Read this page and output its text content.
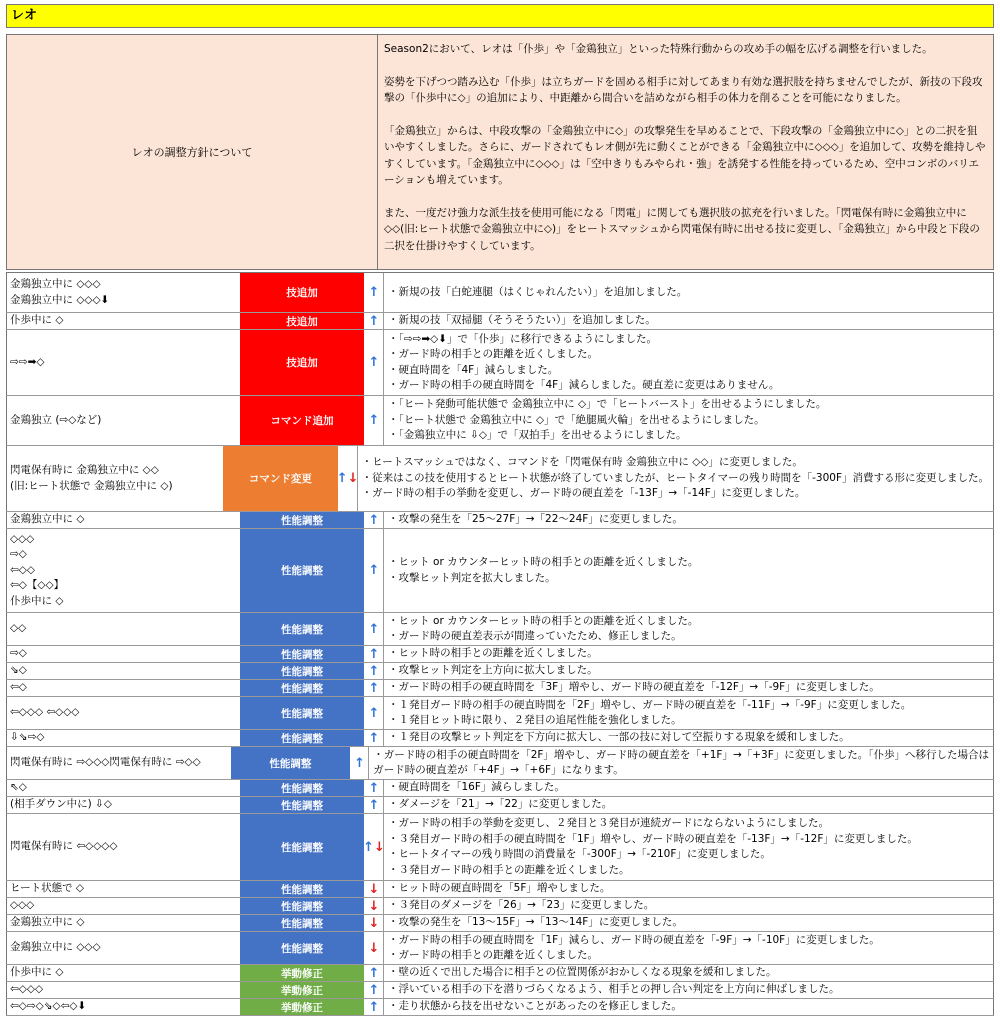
レオ
レオの調整方針について

Season2において、レオは「仆歩」や「金鶏独立」といった特殊行動からの攻め手の幅を広げる調整を行いました。

姿勢を下げつつ踏み込む「仆歩」は立ちガードを固める相手に対してあまり有効な選択肢を持ちませんでしたが、新技の下段攻撃の「仆歩中に◇」の追加により、中距離から間合いを詰めながら相手の体力を削ることを可能になりました。

「金鶏独立」からは、中段攻撃の「金鶏独立中に◇」の攻撃発生を早めることで、下段攻撃の「金鶏独立中に◇」との二択を狙いやすくしました。さらに、ガードされてもレオ側が先に動くことができる「金鶏独立中に◇◇◇」を追加して、攻勢を維持しやすくしています。「金鶏独立中に◇◇◇」は「空中きりもみやられ・強」を誘発する性能を持っているため、空中コンボのバリエーションも増えています。

また、一度だけ強力な派生技を使用可能になる「閃電」に関しても選択肢の拡充を行いました。「閃電保有時に金鶏独立中に◇◇(旧:ヒート状態で金鶏独立中に◇)」をヒートスマッシュから閃電保有時に出せる技に変更し、「金鶏独立」から中段と下段の二択を仕掛けやすくしています。

金鶏独立中に ◇◇◇
金鶏独立中に ◇◇◇⬇
技追加	↑ ・新規の技「白蛇連腿（はくじゃれんたい）」を追加しました。
仆歩中に ◇	技追加	↑ ・新規の技「双掃腿（そうそうたい）」を追加しました。
⇨⇨➡◇	技追加	↑
・「⇨⇨➡◇⬇」で「仆歩」に移行できるようにしました。
・ガード時の相手との距離を近くしました。
・硬直時間を「4F」減らしました。
・ガード時の相手の硬直時間を「4F」減らしました。硬直差に変更はありません。
金鶏独立 (⇨◇など)	コマンド追加	↑
・「ヒート発動可能状態で 金鶏独立中に ◇」で「ヒートバースト」を出せるようにしました。
・「ヒート状態で 金鶏独立中に ◇」で「絶腿風火輪」を出せるようにしました。
・「金鶏独立中に ⇩◇」で「双拍手」を出せるようにしました。
閃電保有時に 金鶏独立中に ◇◇
(旧:ヒート状態で 金鶏独立中に ◇)
コマンド変更	↑ ↓
・ヒートスマッシュではなく、コマンドを「閃電保有時 金鶏独立中に ◇◇」に変更しました。
・従来はこの技を使用するとヒート状態が終了していましたが、ヒートタイマーの残り時間を「-300F」消費する形に変更しました。
・ガード時の相手の挙動を変更し、ガード時の硬直差を「-13F」→「-14F」に変更しました。
金鶏独立中に ◇	性能調整	↑ ・攻撃の発生を「25～27F」→「22～24F」に変更しました。
◇◇◇
⇨◇
⇦◇◇
⇦◇【◇◇】
仆歩中に ◇
性能調整	↑
・ヒット or カウンターヒット時の相手との距離を近くしました。
・攻撃ヒット判定を拡大しました。
◇◇	性能調整	↑
・ヒット or カウンターヒット時の相手との距離を近くしました。
・ガード時の硬直差表示が間違っていたため、修正しました。
⇨◇	性能調整	↑ ・ヒット時の相手との距離を近くしました。
⇘◇	性能調整	↑ ・攻撃ヒット判定を上方向に拡大しました。
⇦◇	性能調整	↑ ・ガード時の相手の硬直時間を「3F」増やし、ガード時の硬直差を「-12F」→「-9F」に変更しました。
⇦◇◇◇ ⇦◇◇◇	性能調整	↑
・１発目ガード時の相手の硬直時間を「2F」増やし、ガード時の硬直差を「-11F」→「-9F」に変更しました。
・１発目ヒット時に限り、２発目の追尾性能を強化しました。
⇩⇘⇨◇	性能調整	↑ ・１発目の攻撃ヒット判定を下方向に拡大し、一部の技に対して空振りする現象を緩和しました。
閃電保有時に ⇨◇◇◇閃電保有時に ⇨◇◇	性能調整	↑
・ガード時の相手の硬直時間を「2F」増やし、ガード時の硬直差を「+1F」→「+3F」に変更しました。「仆歩」へ移行した場合は
ガード時の硬直差が「+4F」→「+6F」になります。
⇖◇	性能調整	↑ ・硬直時間を「16F」減らしました。
(相手ダウン中に) ⇩◇	性能調整	↑ ・ダメージを「21」→「22」に変更しました。
閃電保有時に ⇦◇◇◇◇	性能調整	↑ ↓
・ガード時の相手の挙動を変更し、２発目と３発目が連続ガードにならないようにしました。
・３発目ガード時の相手の硬直時間を「1F」増やし、ガード時の硬直差を「-13F」→「-12F」に変更しました。
・ヒートタイマーの残り時間の消費量を「-300F」→「-210F」に変更しました。
・３発目ガード時の相手との距離を近くしました。
ヒート状態で ◇	性能調整	↓ ・ヒット時の硬直時間を「5F」増やしました。
◇◇◇	性能調整	↓ ・３発目のダメージを「26」→「23」に変更しました。
金鶏独立中に ◇	性能調整	↓ ・攻撃の発生を「13～15F」→「13～14F」に変更しました。
金鶏独立中に ◇◇◇	性能調整	↓
・ガード時の相手の硬直時間を「1F」減らし、ガード時の硬直差を「-9F」→「-10F」に変更しました。
・ガード時の相手との距離を近くしました。
仆歩中に ◇	挙動修正	↑ ・壁の近くで出した場合に相手との位置関係がおかしくなる現象を緩和しました。
⇦◇◇◇	挙動修正	↑ ・浮いている相手の下を潜りづらくなるよう、相手との押し合い判定を上方向に伸ばしました。
⇦◇⇨◇⇘◇⇦◇⬇	挙動修正	↑ ・走り状態から技を出せないことがあったのを修正しました。
